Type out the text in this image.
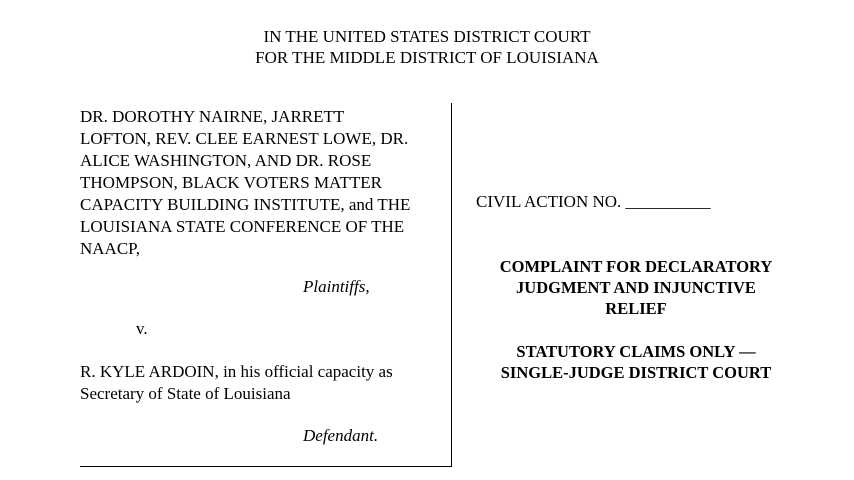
IN THE UNITED STATES DISTRICT COURT
FOR THE MIDDLE DISTRICT OF LOUISIANA
DR. DOROTHY NAIRNE, JARRETT
LOFTON, REV. CLEE EARNEST LOWE, DR.
ALICE WASHINGTON, AND DR. ROSE
THOMPSON, BLACK VOTERS MATTER
CAPACITY BUILDING INSTITUTE, and THE
LOUISIANA STATE CONFERENCE OF THE
NAACP,
Plaintiffs,
v.
R. KYLE ARDOIN, in his official capacity as
Secretary of State of Louisiana
Defendant.
CIVIL ACTION NO. __________
COMPLAINT FOR DECLARATORY
JUDGMENT AND INJUNCTIVE
RELIEF
STATUTORY CLAIMS ONLY —
SINGLE-JUDGE DISTRICT COURT
